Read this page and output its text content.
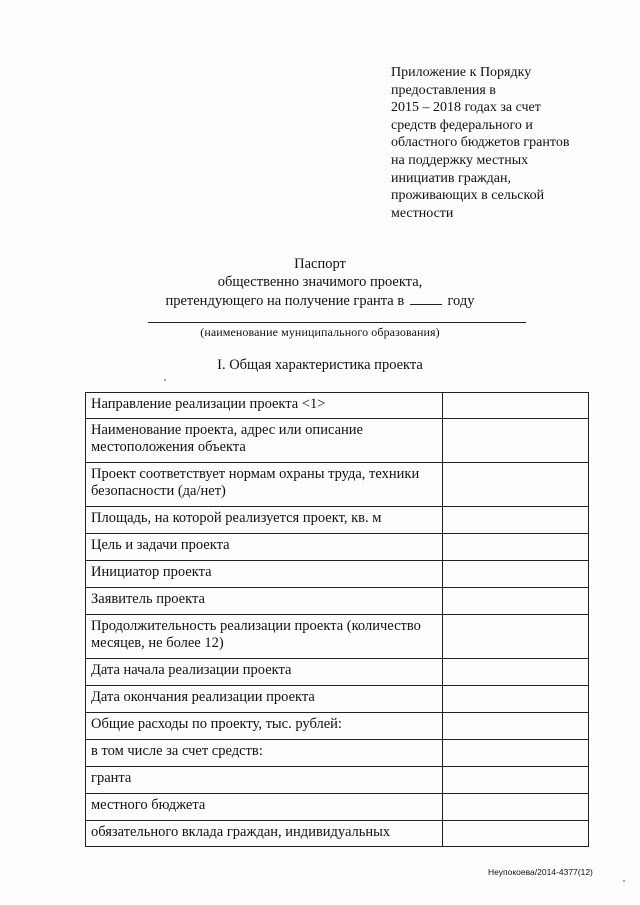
Приложение к Порядку
предоставления в
2015 – 2018 годах за счет
средств федерального и
областного бюджетов грантов
на поддержку местных
инициатив граждан,
проживающих в сельской
местности
Паспорт
общественно значимого проекта,
претендующего на получение гранта в	году
(наименование муниципального образования)
I. Общая характеристика проекта
Направление реализации проекта <1>	
Наименование проекта, адрес или описание местоположения объекта	
Проект соответствует нормам охраны труда, техники безопасности (да/нет)	
Площадь, на которой реализуется проект, кв. м	
Цель и задачи проекта	
Инициатор проекта	
Заявитель проекта	
Продолжительность реализации проекта (количество месяцев, не более 12)	
Дата начала реализации проекта	
Дата окончания реализации проекта	
Общие расходы по проекту, тыс. рублей:	
в том числе за счет средств:	
гранта	
местного бюджета	
обязательного вклада граждан, индивидуальных	
Неупокоева/2014-4377(12)
